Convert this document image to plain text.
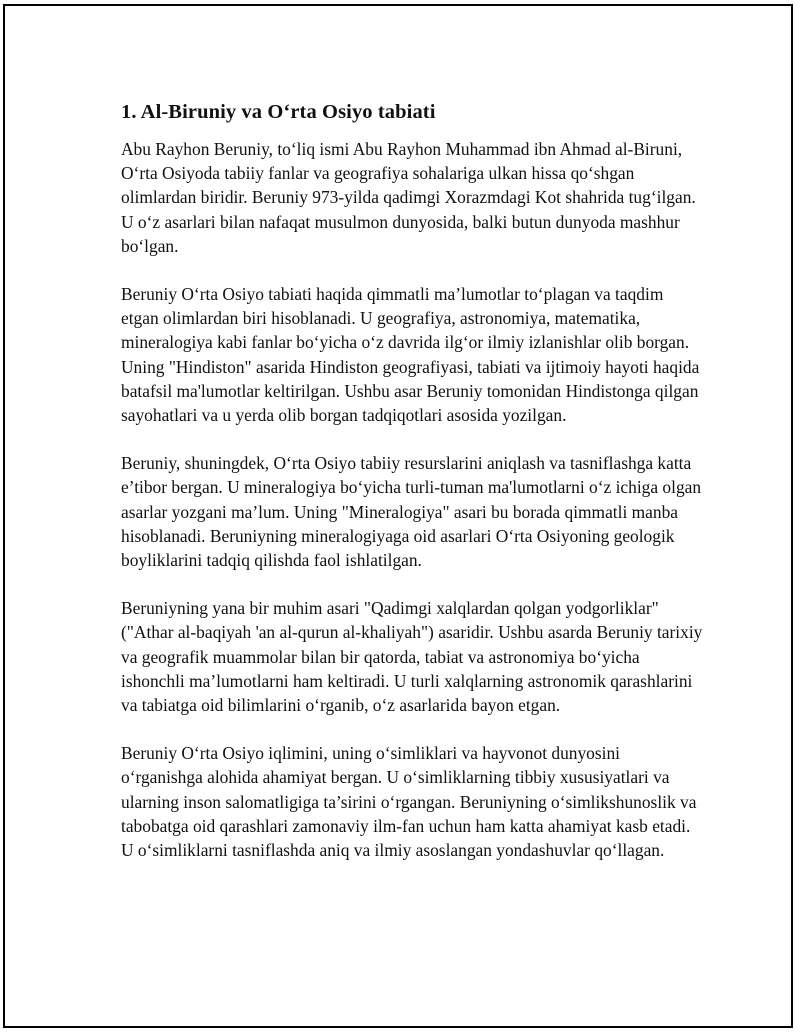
1. Al-Biruniy va O‘rta Osiyo tabiati

Abu Rayhon Beruniy, to‘liq ismi Abu Rayhon Muhammad ibn Ahmad al-Biruni, O‘rta Osiyoda tabiiy fanlar va geografiya sohalariga ulkan hissa qo‘shgan olimlardan biridir. Beruniy 973-yilda qadimgi Xorazmdagi Kot shahrida tug‘ilgan. U o‘z asarlari bilan nafaqat musulmon dunyosida, balki butun dunyoda mashhur bo‘lgan.

Beruniy O‘rta Osiyo tabiati haqida qimmatli ma’lumotlar to‘plagan va taqdim etgan olimlardan biri hisoblanadi. U geografiya, astronomiya, matematika, mineralogiya kabi fanlar bo‘yicha o‘z davrida ilg‘or ilmiy izlanishlar olib borgan. Uning "Hindiston" asarida Hindiston geografiyasi, tabiati va ijtimoiy hayoti haqida batafsil ma'lumotlar keltirilgan. Ushbu asar Beruniy tomonidan Hindistonga qilgan sayohatlari va u yerda olib borgan tadqiqotlari asosida yozilgan.

Beruniy, shuningdek, O‘rta Osiyo tabiiy resurslarini aniqlash va tasniflashga katta e’tibor bergan. U mineralogiya bo‘yicha turli-tuman ma'lumotlarni o‘z ichiga olgan asarlar yozgani ma’lum. Uning "Mineralogiya" asari bu borada qimmatli manba hisoblanadi. Beruniyning mineralogiyaga oid asarlari O‘rta Osiyoning geologik boyliklarini tadqiq qilishda faol ishlatilgan.

Beruniyning yana bir muhim asari "Qadimgi xalqlardan qolgan yodgorliklar" ("Athar al-baqiyah 'an al-qurun al-khaliyah") asaridir. Ushbu asarda Beruniy tarixiy va geografik muammolar bilan bir qatorda, tabiat va astronomiya bo‘yicha ishonchli ma’lumotlarni ham keltiradi. U turli xalqlarning astronomik qarashlarini va tabiatga oid bilimlarini o‘rganib, o‘z asarlarida bayon etgan.

Beruniy O‘rta Osiyo iqlimini, uning o‘simliklari va hayvonot dunyosini o‘rganishga alohida ahamiyat bergan. U o‘simliklarning tibbiy xususiyatlari va ularning inson salomatligiga ta’sirini o‘rgangan. Beruniyning o‘simlikshunoslik va tabobatga oid qarashlari zamonaviy ilm-fan uchun ham katta ahamiyat kasb etadi. U o‘simliklarni tasniflashda aniq va ilmiy asoslangan yondashuvlar qo‘llagan.
